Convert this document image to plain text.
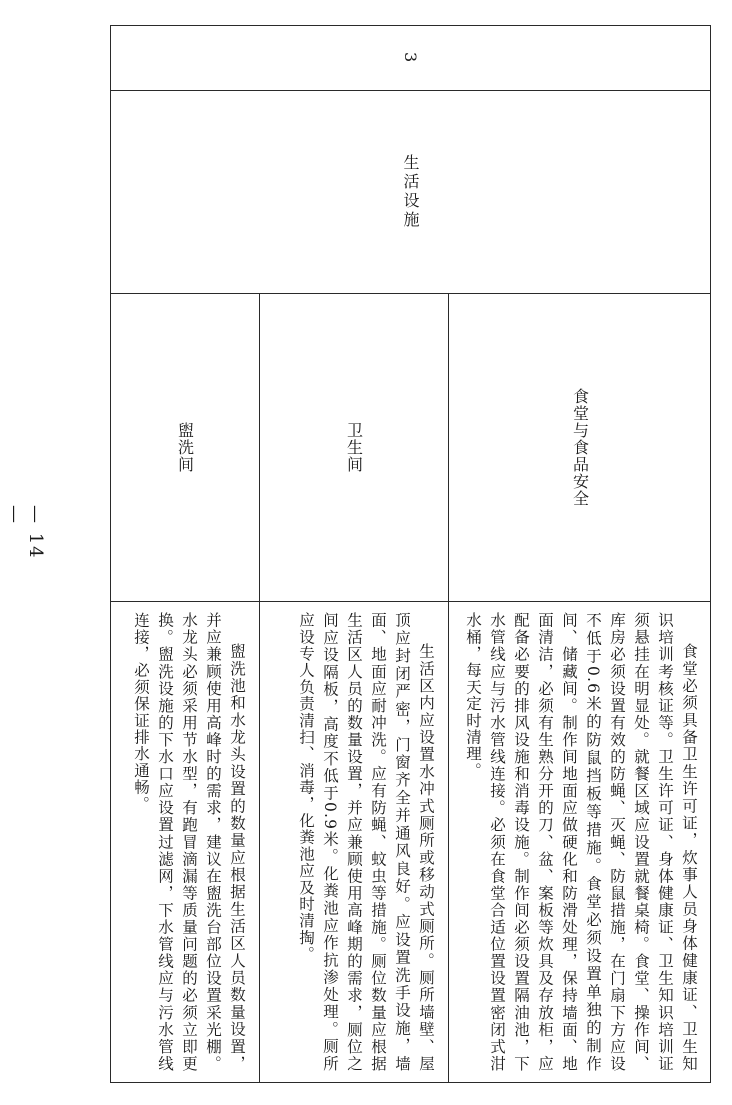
3
生活设施
食堂与食品安全
卫生间
盥洗间
食堂必须具备卫生许可证，炊事人员身体健康证、卫生知识培训考核证等。卫生许可证、身体健康证、卫生知识培训证须悬挂在明显处。就餐区域应设置就餐桌椅。食堂、操作间、库房必须设置有效的防蝇、灭蝇、防鼠措施，在门扇下方应设不低于0.6米的防鼠挡板等措施。食堂必须设置单独的制作间、储藏间。制作间地面应做硬化和防滑处理，保持墙面、地面清洁，必须有生熟分开的刀、盆、案板等炊具及存放柜，应配备必要的排风设施和消毒设施。制作间必须设置隔油池，下水管线应与污水管线连接。必须在食堂合适位置设置密闭式泔水桶，每天定时清理。
生活区内应设置水冲式厕所或移动式厕所。厕所墙壁、屋顶应封闭严密，门窗齐全并通风良好。应设置洗手设施，墙面、地面应耐冲洗。应有防蝇、蚊虫等措施。厕位数量应根据生活区人员的数量设置，并应兼顾使用高峰期的需求，厕位之间应设隔板，高度不低于0.9米。化粪池应作抗渗处理。厕所应设专人负责清扫、消毒，化粪池应及时清掏。
盥洗池和水龙头设置的数量应根据生活区人员数量设置，并应兼顾使用高峰时的需求，建议在盥洗台部位设置采光棚。水龙头必须采用节水型，有跑冒滴漏等质量问题的必须立即更换。盥洗设施的下水口应设置过滤网，下水管线应与污水管线连接，必须保证排水通畅。
— 14 —
